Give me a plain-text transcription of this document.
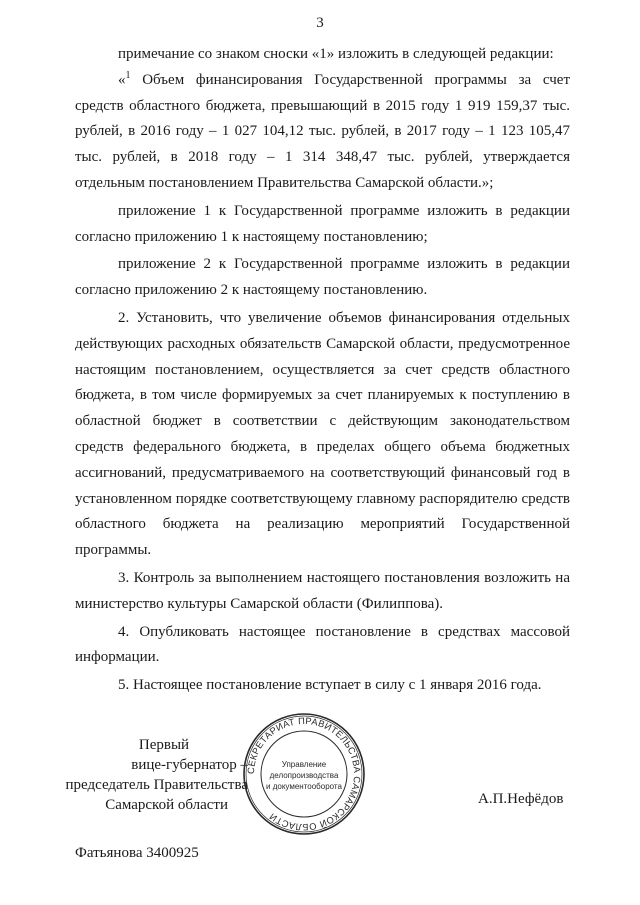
3

примечание со знаком сноски «1» изложить в следующей редакции:

«$^1$ Объем финансирования Государственной программы за счет средств областного бюджета, превышающий в 2015 году 1 919 159,37 тыс. рублей, в 2016 году – 1 027 104,12 тыс. рублей, в 2017 году – 1 123 105,47 тыс. рублей, в 2018 году – 1 314 348,47 тыс. рублей, утверждается отдельным постановлением Правительства Самарской области.»;

приложение 1 к Государственной программе изложить в редакции согласно приложению 1 к настоящему постановлению;

приложение 2 к Государственной программе изложить в редакции согласно приложению 2 к настоящему постановлению.

2. Установить, что увеличение объемов финансирования отдельных действующих расходных обязательств Самарской области, предусмотренное настоящим постановлением, осуществляется за счет средств областного бюджета, в том числе формируемых за счет планируемых к поступлению в областной бюджет в соответствии с действующим законодательством средств федерального бюджета, в пределах общего объема бюджетных ассигнований, предусматриваемого на соответствующий финансовый год в установленном порядке соответствующему главному распорядителю средств областного бюджета на реализацию мероприятий Государственной программы.

3. Контроль за выполнением настоящего постановления возложить на министерство культуры Самарской области (Филиппова).

4. Опубликовать настоящее постановление в средствах массовой информации.

5. Настоящее постановление вступает в силу с 1 января 2016 года.

Первый
вице-губернатор –
председатель Правительства
Самарской области
СЕКРЕТАРИАТ ПРАВИТЕЛЬСТВА САМАРСКОЙ ОБЛАСТИ
Управление
делопроизводства
и документооборота
А.П.Нефёдов
Фатьянова 3400925
